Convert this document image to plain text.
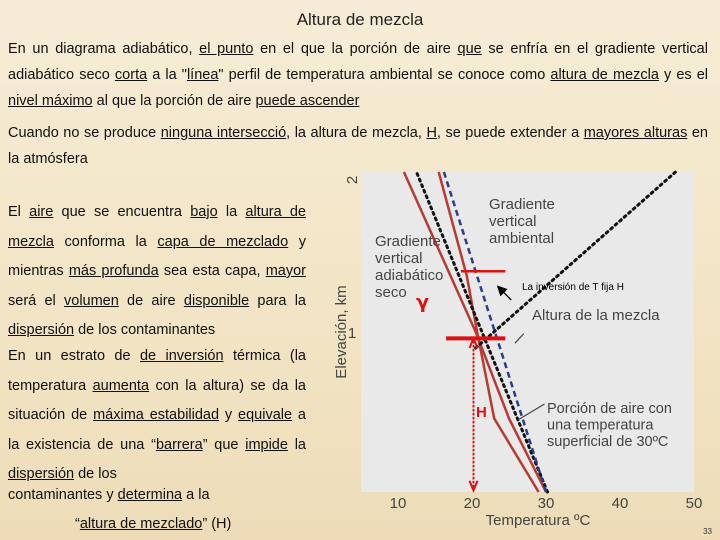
Altura de mezcla
En un diagrama adiabático, el punto en el que la porción de aire que se enfría en el gradiente vertical adiabático seco corta a la "línea" perfil de temperatura ambiental se conoce como altura de mezcla y es el nivel máximo al que la porción de aire puede ascender
Cuando no se produce ninguna intersecció, la altura de mezcla, H, se puede extender a mayores alturas en la atmósfera
El aire que se encuentra bajo la altura de mezcla conforma la capa de mezclado y mientras más profunda sea esta capa, mayor será el volumen de aire disponible para la dispersión de los contaminantes
En un estrato de de inversión térmica (la temperatura aumenta con la altura) se da la situación de máxima estabilidad y equivale a la existencia de una “barrera” que impide la dispersión de los
contaminantes y determina a la
“altura de mezclado” (H)
10	20	30	40	50
1
2
Temperatura ºC
Elevación, km
Gradiente vertical ambiental
Gradiente vertical adiabático seco γ
Altura de la mezcla
Porción de aire con una temperatura superficial de 30ºC
La inversión de T fija H
H
33
